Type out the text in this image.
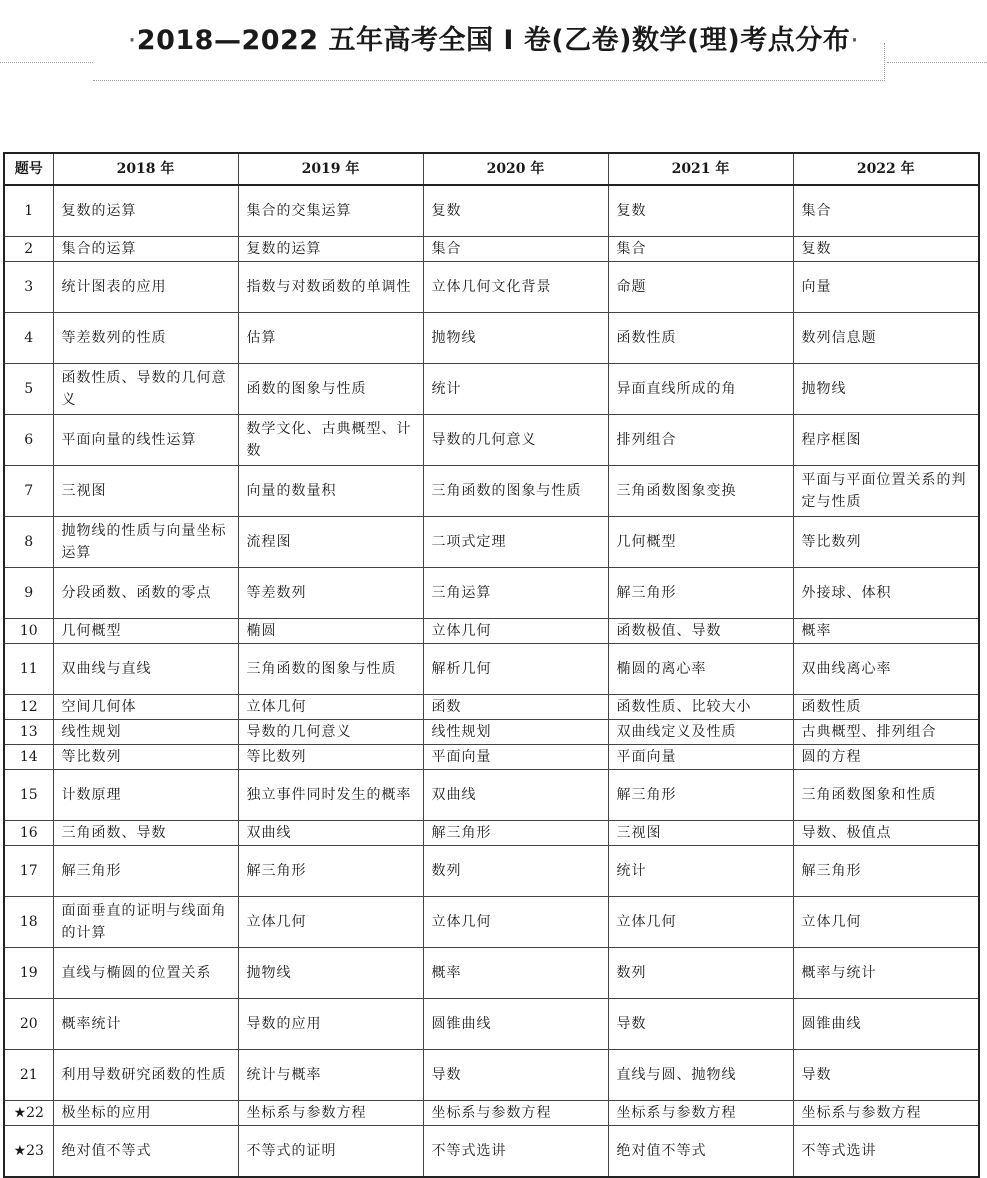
·2018—2022 五年高考全国 I 卷(乙卷)数学(理)考点分布·
题号	2018 年	2019 年	2020 年	2021 年	2022 年
1	复数的运算	集合的交集运算	复数	复数	集合
2	集合的运算	复数的运算	集合	集合	复数
3	统计图表的应用	指数与对数函数的单调性	立体几何文化背景	命题	向量
4	等差数列的性质	估算	抛物线	函数性质	数列信息题
5	函数性质、导数的几何意义	函数的图象与性质	统计	异面直线所成的角	抛物线
6	平面向量的线性运算	数学文化、古典概型、计数	导数的几何意义	排列组合	程序框图
7	三视图	向量的数量积	三角函数的图象与性质	三角函数图象变换	平面与平面位置关系的判定与性质
8	抛物线的性质与向量坐标运算	流程图	二项式定理	几何概型	等比数列
9	分段函数、函数的零点	等差数列	三角运算	解三角形	外接球、体积
10	几何概型	椭圆	立体几何	函数极值、导数	概率
11	双曲线与直线	三角函数的图象与性质	解析几何	椭圆的离心率	双曲线离心率
12	空间几何体	立体几何	函数	函数性质、比较大小	函数性质
13	线性规划	导数的几何意义	线性规划	双曲线定义及性质	古典概型、排列组合
14	等比数列	等比数列	平面向量	平面向量	圆的方程
15	计数原理	独立事件同时发生的概率	双曲线	解三角形	三角函数图象和性质
16	三角函数、导数	双曲线	解三角形	三视图	导数、极值点
17	解三角形	解三角形	数列	统计	解三角形
18	面面垂直的证明与线面角的计算	立体几何	立体几何	立体几何	立体几何
19	直线与椭圆的位置关系	抛物线	概率	数列	概率与统计
20	概率统计	导数的应用	圆锥曲线	导数	圆锥曲线
21	利用导数研究函数的性质	统计与概率	导数	直线与圆、抛物线	导数
★22	极坐标的应用	坐标系与参数方程	坐标系与参数方程	坐标系与参数方程	坐标系与参数方程
★23	绝对值不等式	不等式的证明	不等式选讲	绝对值不等式	不等式选讲
